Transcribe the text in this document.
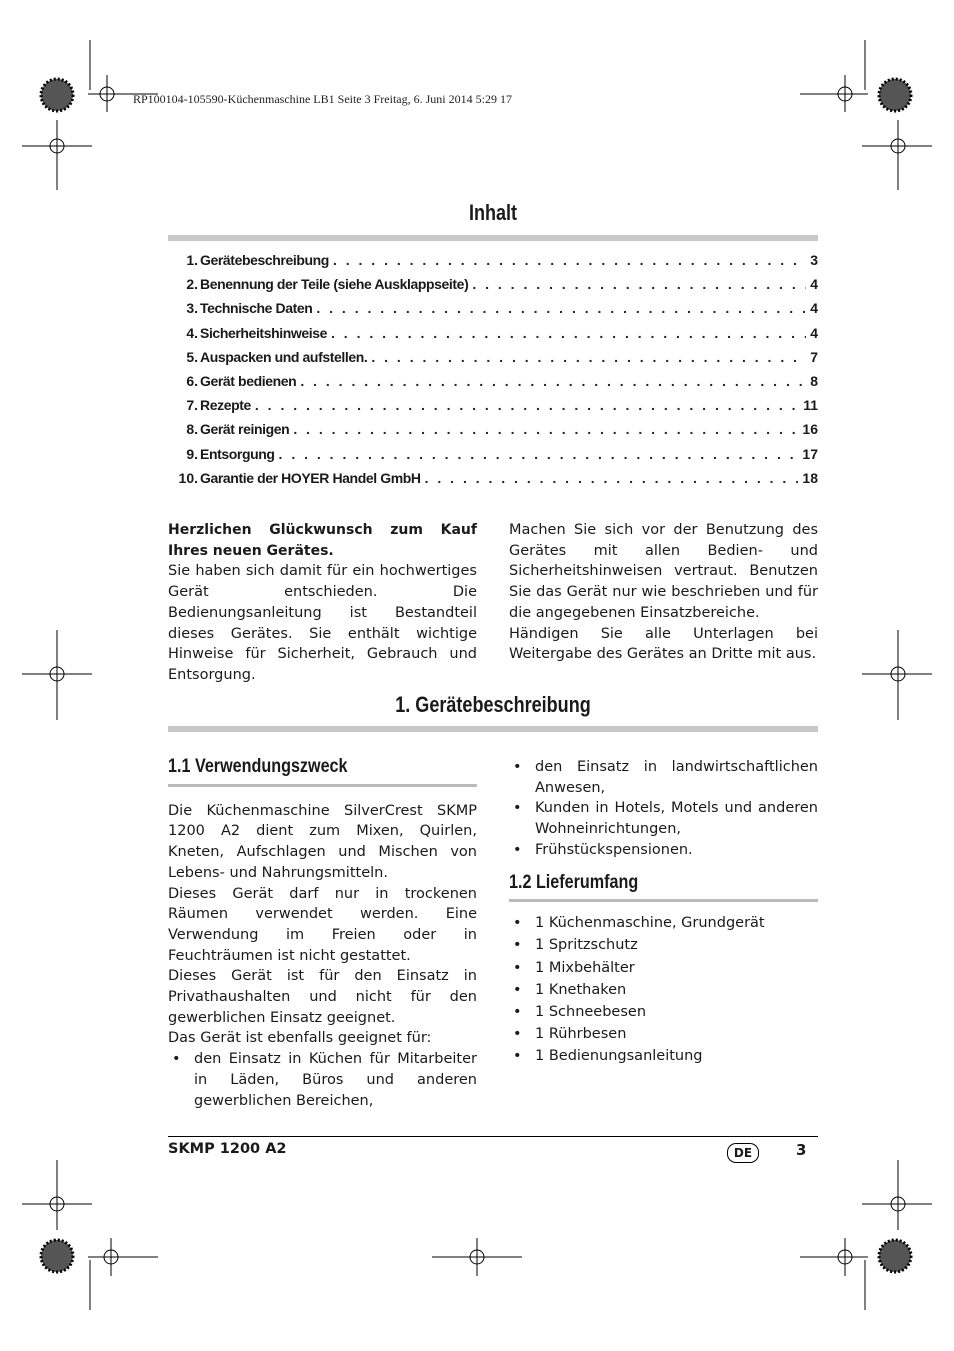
RP100104-105590-Küchenmaschine LB1 Seite 3 Freitag, 6. Juni 2014 5:29 17
Inhalt
1. Gerätebeschreibung . . .	3
2. Benennung der Teile (siehe Ausklappseite) . . .	4
3. Technische Daten . . .	4
4. Sicherheitshinweise . . .	4
5. Auspacken und aufstellen. . . .	7
6. Gerät bedienen . . .	8
7. Rezepte . . .	11
8. Gerät reinigen . . .	16
9. Entsorgung . . .	17
10. Garantie der HOYER Handel GmbH . . .	18

Herzlichen Glückwunsch zum Kauf Ihres neuen Gerätes.

Sie haben sich damit für ein hochwertiges Gerät entschieden. Die Bedienungsanleitung ist Bestandteil dieses Gerätes. Sie enthält wichtige Hinweise für Sicherheit, Gebrauch und Entsorgung.

Machen Sie sich vor der Benutzung des Gerätes mit allen Bedien- und Sicherheitshinweisen vertraut. Benutzen Sie das Gerät nur wie beschrieben und für die angegebenen Einsatzbereiche.

Händigen Sie alle Unterlagen bei Weitergabe des Gerätes an Dritte mit aus.

1. Gerätebeschreibung
1.1 Verwendungszweck

Die Küchenmaschine SilverCrest SKMP 1200 A2 dient zum Mixen, Quirlen, Kneten, Aufschlagen und Mischen von Lebens- und Nahrungsmitteln.

Dieses Gerät darf nur in trockenen Räumen verwendet werden. Eine Verwendung im Freien oder in Feuchträumen ist nicht gestattet.

Dieses Gerät ist für den Einsatz in Privathaushalten und nicht für den gewerblichen Einsatz geeignet.

Das Gerät ist ebenfalls geeignet für:

• den Einsatz in Küchen für Mitarbeiter in Läden, Büros und anderen gewerblichen Bereichen,
• den Einsatz in landwirtschaftlichen Anwesen,
• Kunden in Hotels, Motels und anderen Wohneinrichtungen,
• Frühstückspensionen.
1.2 Lieferumfang
• 1 Küchenmaschine, Grundgerät
• 1 Spritzschutz
• 1 Mixbehälter
• 1 Knethaken
• 1 Schneebesen
• 1 Rührbesen
• 1 Bedienungsanleitung
SKMP 1200 A2	DE	3
